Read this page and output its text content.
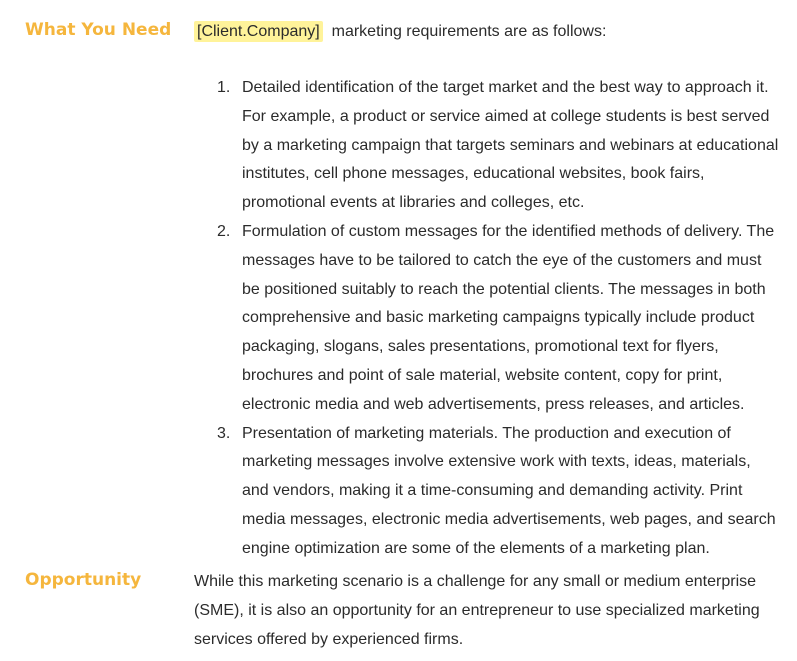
What You Need [Client.Company] marketing requirements are as follows:

1. Detailed identification of the target market and the best way to approach it. For example, a product or service aimed at college students is best served by a marketing campaign that targets seminars and webinars at educational institutes, cell phone messages, educational websites, book fairs, promotional events at libraries and colleges, etc.
2. Formulation of custom messages for the identified methods of delivery. The messages have to be tailored to catch the eye of the customers and must be positioned suitably to reach the potential clients. The messages in both comprehensive and basic marketing campaigns typically include product packaging, slogans, sales presentations, promotional text for flyers, brochures and point of sale material, website content, copy for print, electronic media and web advertisements, press releases, and articles.
3. Presentation of marketing materials. The production and execution of marketing messages involve extensive work with texts, ideas, materials, and vendors, making it a time-consuming and demanding activity. Print media messages, electronic media advertisements, web pages, and search engine optimization are some of the elements of a marketing plan.
Opportunity	While this marketing scenario is a challenge for any small or medium enterprise (SME), it is also an opportunity for an entrepreneur to use specialized marketing services offered by experienced firms.
